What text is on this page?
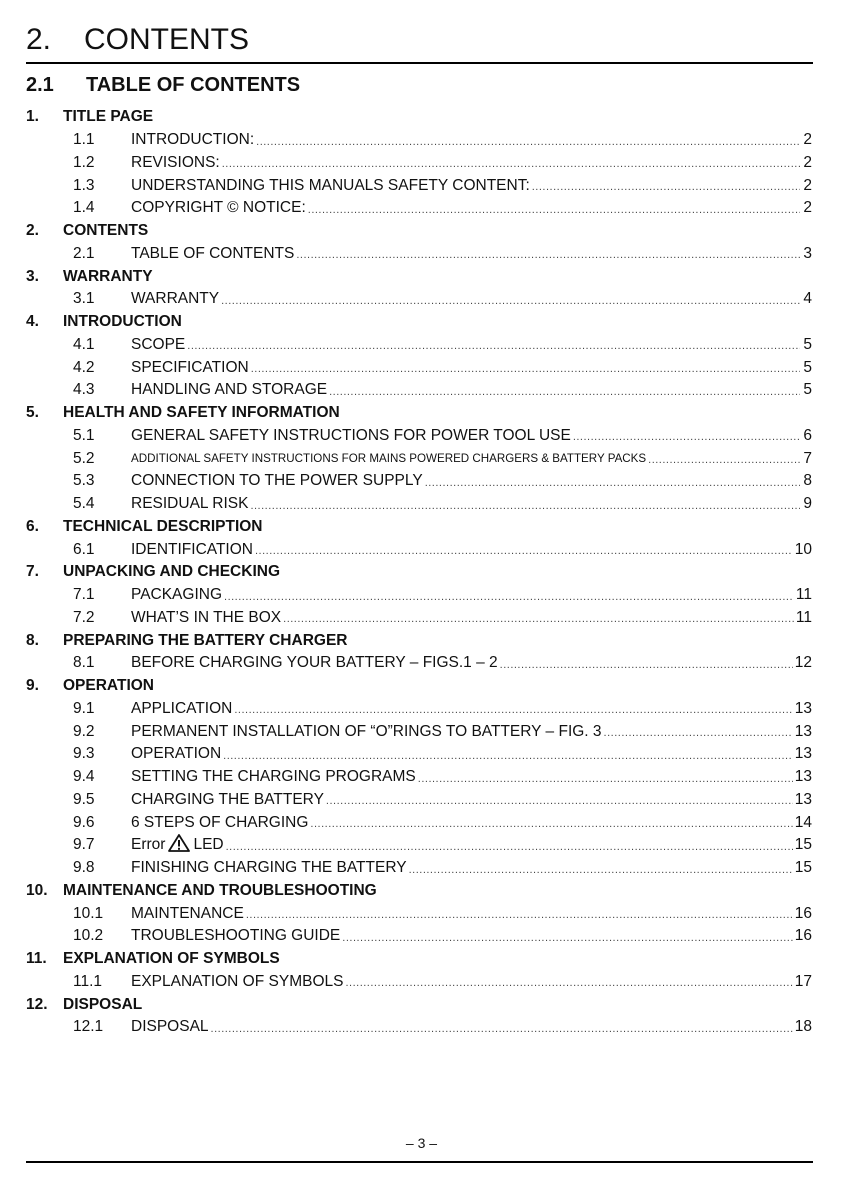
2. CONTENTS
2.1 TABLE OF CONTENTS
1.	TITLE PAGE
1.1	INTRODUCTION: .....	2
1.2	REVISIONS: .....	2
1.3	UNDERSTANDING THIS MANUALS SAFETY CONTENT: .....	2
1.4	COPYRIGHT © NOTICE: .....	2
2.	CONTENTS
2.1	TABLE OF CONTENTS .....	3
3.	WARRANTY
3.1	WARRANTY .....	4
4.	INTRODUCTION
4.1	SCOPE .....	5
4.2	SPECIFICATION .....	5
4.3	HANDLING AND STORAGE .....	5
5.	HEALTH AND SAFETY INFORMATION
5.1	GENERAL SAFETY INSTRUCTIONS FOR POWER TOOL USE .....	6
5.2	ADDITIONAL SAFETY INSTRUCTIONS FOR MAINS POWERED CHARGERS & BATTERY PACKS .....	7
5.3	CONNECTION TO THE POWER SUPPLY .....	8
5.4	RESIDUAL RISK .....	9
6.	TECHNICAL DESCRIPTION
6.1	IDENTIFICATION .....	10
7.	UNPACKING AND CHECKING
7.1	PACKAGING .....	11
7.2	WHAT’S IN THE BOX .....	11
8.	PREPARING THE BATTERY CHARGER
8.1	BEFORE CHARGING YOUR BATTERY – FIGS.1 – 2 .....	12
9.	OPERATION
9.1	APPLICATION .....	13
9.2	PERMANENT INSTALLATION OF “O”RINGS TO BATTERY – FIG. 3 .....	13
9.3	OPERATION .....	13
9.4	SETTING THE CHARGING PROGRAMS .....	13
9.5	CHARGING THE BATTERY .....	13
9.6	6 STEPS OF CHARGING .....	14
9.7	Error LED .....	15
9.8	FINISHING CHARGING THE BATTERY .....	15
10. MAINTENANCE AND TROUBLESHOOTING
10.1	MAINTENANCE .....	16
10.2	TROUBLESHOOTING GUIDE .....	16
11.	EXPLANATION OF SYMBOLS
11.1	EXPLANATION OF SYMBOLS .....	17
12. DISPOSAL
12.1	DISPOSAL .....	18
– 3 –
